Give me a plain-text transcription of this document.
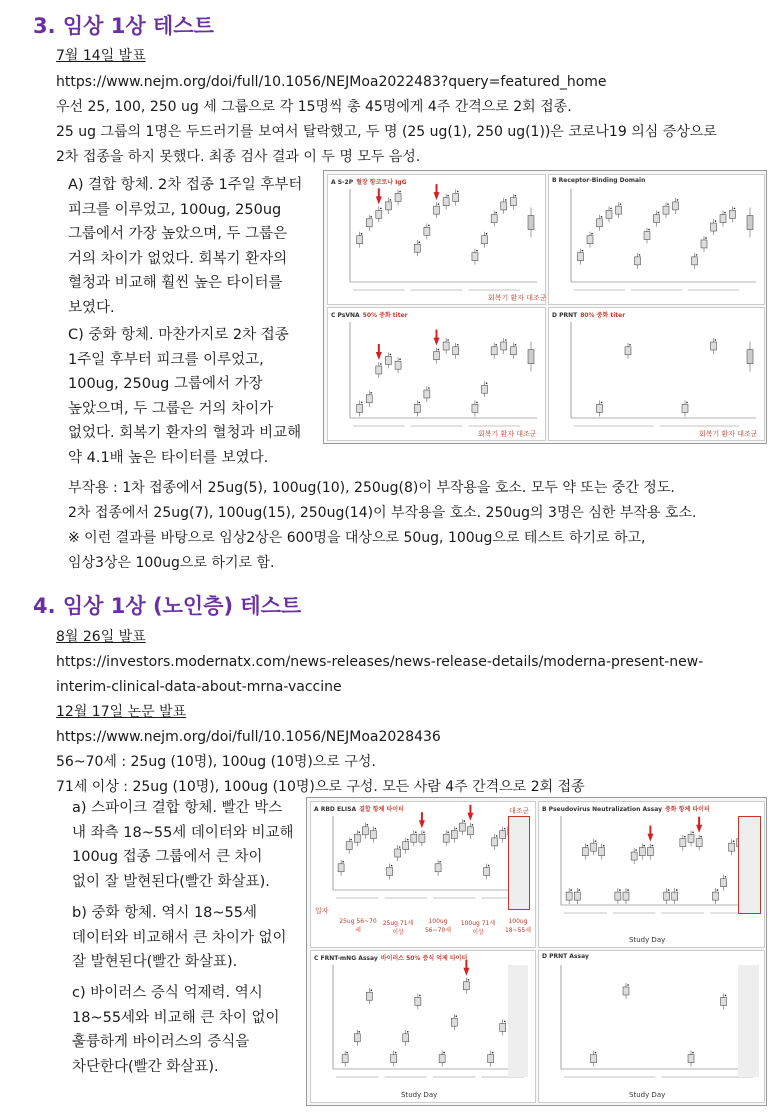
3. 임상 1상 테스트
7월 14일 발표
https://www.nejm.org/doi/full/10.1056/NEJMoa2022483?query=featured_home
우선 25, 100, 250 ug 세 그룹으로 각 15명씩 총 45명에게 4주 간격으로 2회 접종.
25 ug 그룹의 1명은 두드러기를 보여서 탈락했고, 두 명 (25 ug(1), 250 ug(1))은 코로나19 의심 증상으로
2차 접종을 하지 못했다. 최종 검사 결과 이 두 명 모두 음성.
A) 결합 항체. 2차 접종 1주일 후부터
피크를 이루었고, 100ug, 250ug
그룹에서 가장 높았으며, 두 그룹은
거의 차이가 없었다. 회복기 환자의
혈청과 비교해 훨씬 높은 타이터를
보였다.
C) 중화 항체. 마찬가지로 2차 접종
1주일 후부터 피크를 이루었고,
100ug, 250ug 그룹에서 가장
높았으며, 두 그룹은 거의 차이가
없었다. 회복기 환자의 혈청과 비교해
약 4.1배 높은 타이터를 보였다.
A S-2P 혈장 항코로나 IgG
회복기 환자 대조군
B Receptor-Binding Domain
C PsVNA 50% 중화 titer
회복기 환자 대조군
D PRNT 80% 중화 titer
회복기 환자 대조군
부작용 : 1차 접종에서 25ug(5), 100ug(10), 250ug(8)이 부작용을 호소. 모두 약 또는 중간 정도.
2차 접종에서 25ug(7), 100ug(15), 250ug(14)이 부작용을 호소. 250ug의 3명은 심한 부작용 호소.
※ 이런 결과를 바탕으로 임상2상은 600명을 대상으로 50ug, 100ug으로 테스트 하기로 하고,
임상3상은 100ug으로 하기로 함.
4. 임상 1상 (노인층) 테스트
8월 26일 발표
https://investors.modernatx.com/news-releases/news-release-details/moderna-present-new-
interim-clinical-data-about-mrna-vaccine
12월 17일 논문 발표
https://www.nejm.org/doi/full/10.1056/NEJMoa2028436
56~70세 : 25ug (10명), 100ug (10명)으로 구성.
71세 이상 : 25ug (10명), 100ug (10명)으로 구성. 모든 사람 4주 간격으로 2회 접종
a) 스파이크 결합 항체. 빨간 박스
내 좌측 18~55세 데이터와 비교해
100ug 접종 그룹에서 큰 차이
없이 잘 발현된다(빨간 화살표).
b) 중화 항체. 역시 18~55세
데이터와 비교해서 큰 차이가 없이
잘 발현된다(빨간 화살표).
c) 바이러스 증식 억제력. 역시
18~55세와 비교해 큰 차이 없이
훌륭하게 바이러스의 증식을
차단한다(빨간 화살표).
A RBD ELISA 결합 항체 타이터	대조군
일자
25ug 56~70세
25ug 71세 이상
100ug 56~70세
100ug 71세 이상
100ug 18~55세
B Pseudovirus Neutralization Assay 중화 항체 타이터
Study Day
C FRNT-mNG Assay 바이러스 50% 증식 억제 타이터
Study Day
D PRNT Assay
Study Day
